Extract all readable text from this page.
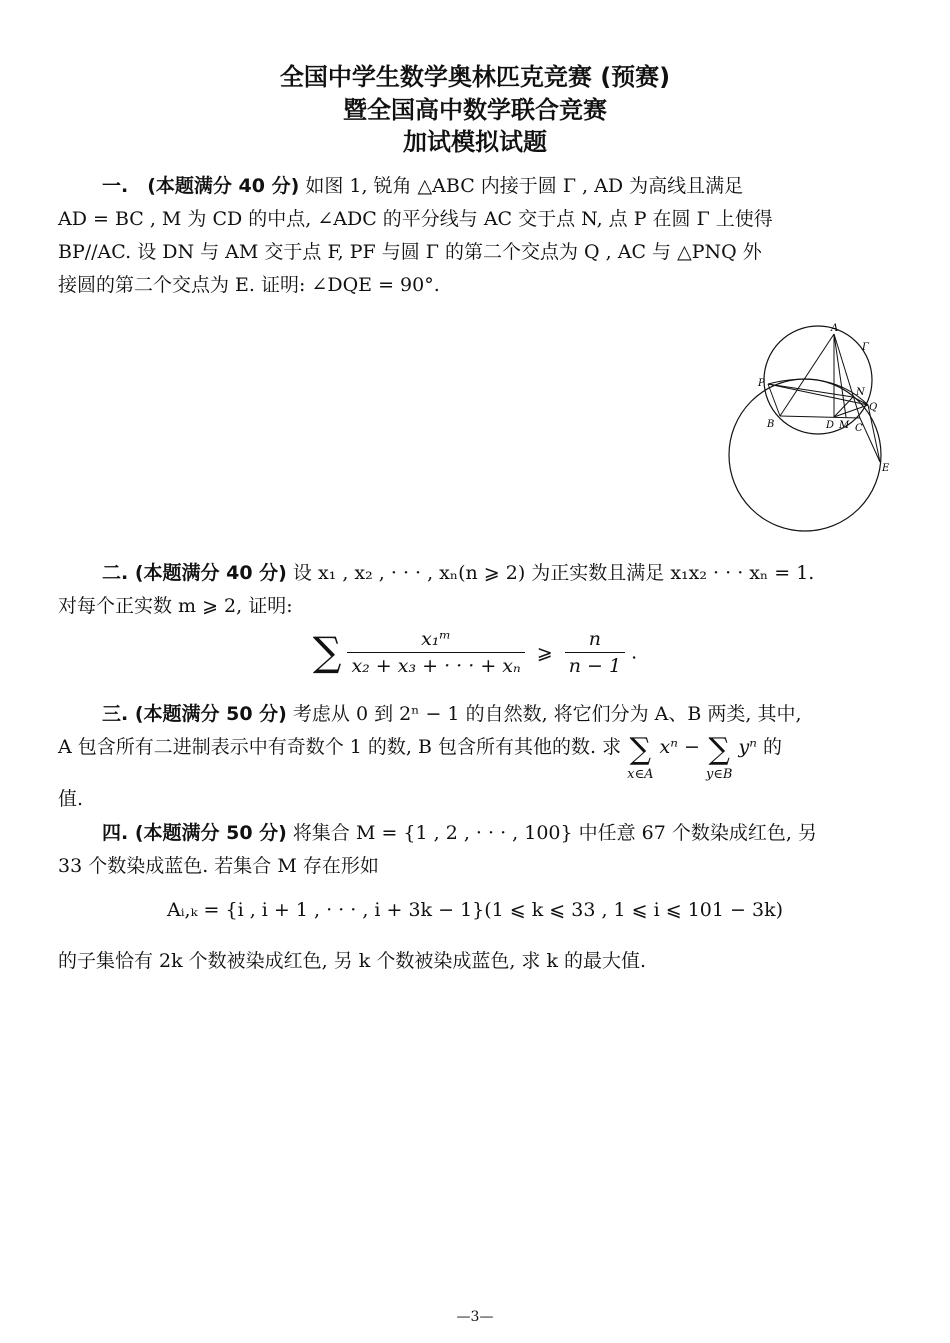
全国中学生数学奥林匹克竞赛 (预赛)
暨全国高中数学联合竞赛
加试模拟试题
一.　(本题满分 40 分) 如图 1, 锐角 △ABC 内接于圆 Γ , AD 为高线且满足
AD = BC , M 为 CD 的中点, ∠ADC 的平分线与 AC 交于点 N, 点 P 在圆 Γ 上使得
BP//AC. 设 DN 与 AM 交于点 F, PF 与圆 Γ 的第二个交点为 Q , AC 与 △PNQ 外
接圆的第二个交点为 E. 证明: ∠DQE = 90°.
A
Γ
P
N
Q
B	D M C
E
二. (本题满分 40 分) 设 x₁ , x₂ , · · · , xₙ(n ⩾ 2) 为正实数且满足 x₁x₂ · · · xₙ = 1.
对每个正实数 m ⩾ 2, 证明:
∑ $\frac{\text{x₁ᵐ}}{\text{x₂ + x₃ + · · · + xₙ}}$ ⩾ $\frac{n}{n - 1}$ .
三. (本题满分 50 分) 考虑从 0 到 2ⁿ − 1 的自然数, 将它们分为 A、B 两类, 其中,
A 包含所有二进制表示中有奇数个 1 的数, B 包含所有其他的数. 求 ∑
x∈A
xⁿ − ∑
y∈B
yⁿ 的
值.
四. (本题满分 50 分) 将集合 M = {1 , 2 , · · · , 100} 中任意 67 个数染成红色, 另
33 个数染成蓝色. 若集合 M 存在形如
Aᵢ,ₖ = {i , i + 1 , · · · , i + 3k − 1}(1 ⩽ k ⩽ 33 , 1 ⩽ i ⩽ 101 − 3k)
的子集恰有 2k 个数被染成红色, 另 k 个数被染成蓝色, 求 k 的最大值.
—3—
